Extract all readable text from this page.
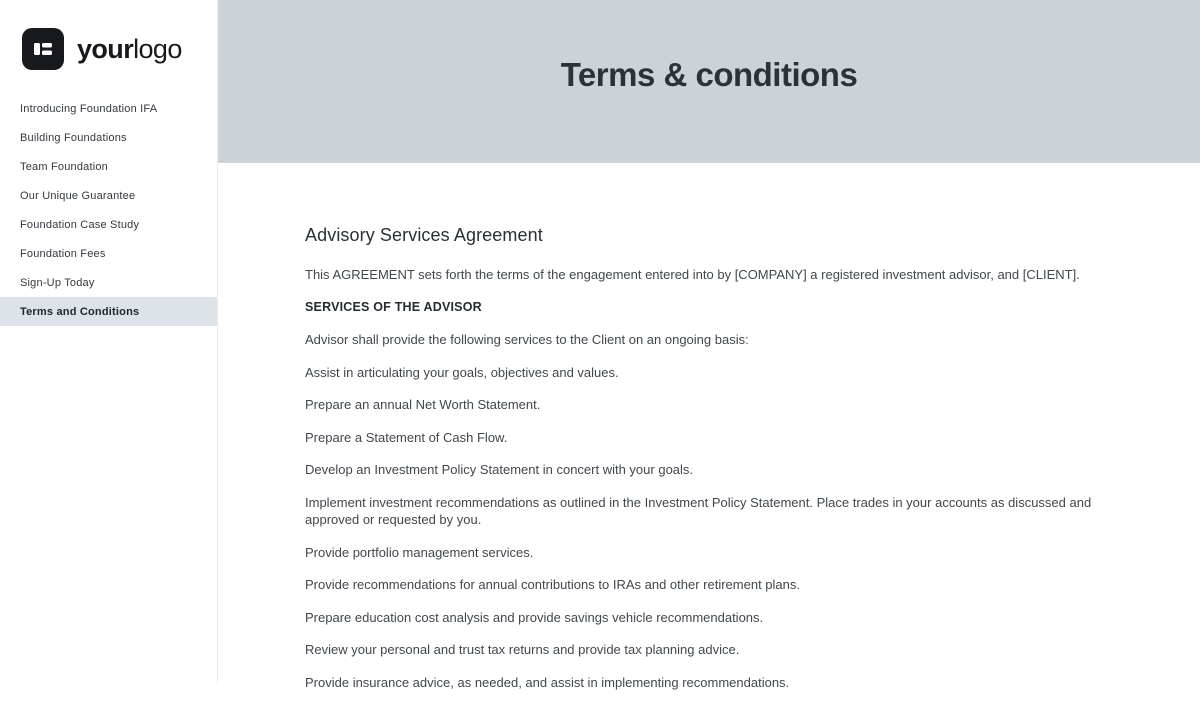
yourlogo
Introducing Foundation IFA
Building Foundations
Team Foundation
Our Unique Guarantee
Foundation Case Study
Foundation Fees
Sign-Up Today
Terms and Conditions
Terms & conditions
Advisory Services Agreement

This AGREEMENT sets forth the terms of the engagement entered into by [COMPANY] a registered investment advisor, and [CLIENT].

SERVICES OF THE ADVISOR

Advisor shall provide the following services to the Client on an ongoing basis:

Assist in articulating your goals, objectives and values.

Prepare an annual Net Worth Statement.

Prepare a Statement of Cash Flow.

Develop an Investment Policy Statement in concert with your goals.

Implement investment recommendations as outlined in the Investment Policy Statement. Place trades in your accounts as discussed and approved or requested by you.

Provide portfolio management services.

Provide recommendations for annual contributions to IRAs and other retirement plans.

Prepare education cost analysis and provide savings vehicle recommendations.

Review your personal and trust tax returns and provide tax planning advice.

Provide insurance advice, as needed, and assist in implementing recommendations.
